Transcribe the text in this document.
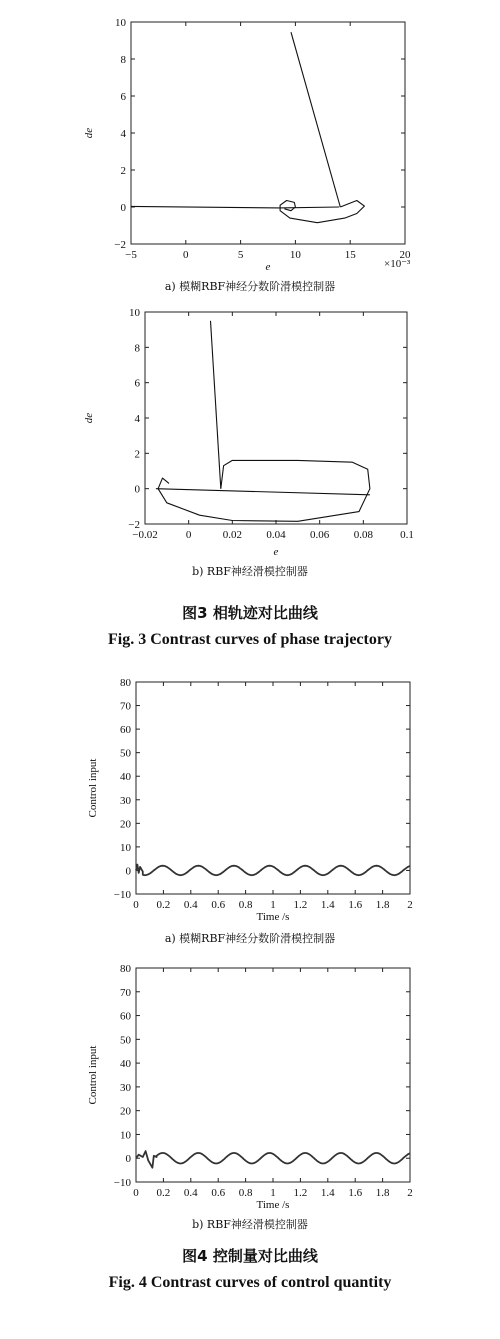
−5	0	5	10	15	20
−2
0
2
4
6
8
10
e
de
×10⁻³
a) 模糊RBF神经分数阶滑模控制器
−0.02	0	0.02 0.04 0.06 0.08 0.1
−2
0
2
4
6
8
10
e
de
b) RBF神经滑模控制器
图3 相轨迹对比曲线
Fig. 3 Contrast curves of phase trajectory
0 0.2 0.4 0.6 0.8 1 1.2 1.4 1.6 1.8 2
−10
0
10
20
30
40
50
60
70
80
Time /s
Control input
a) 模糊RBF神经分数阶滑模控制器
0 0.2 0.4 0.6 0.8 1 1.2 1.4 1.6 1.8 2
−10
0
10
20
30
40
50
60
70
80
Time /s
Control input
b) RBF神经滑模控制器
图4 控制量对比曲线
Fig. 4 Contrast curves of control quantity
